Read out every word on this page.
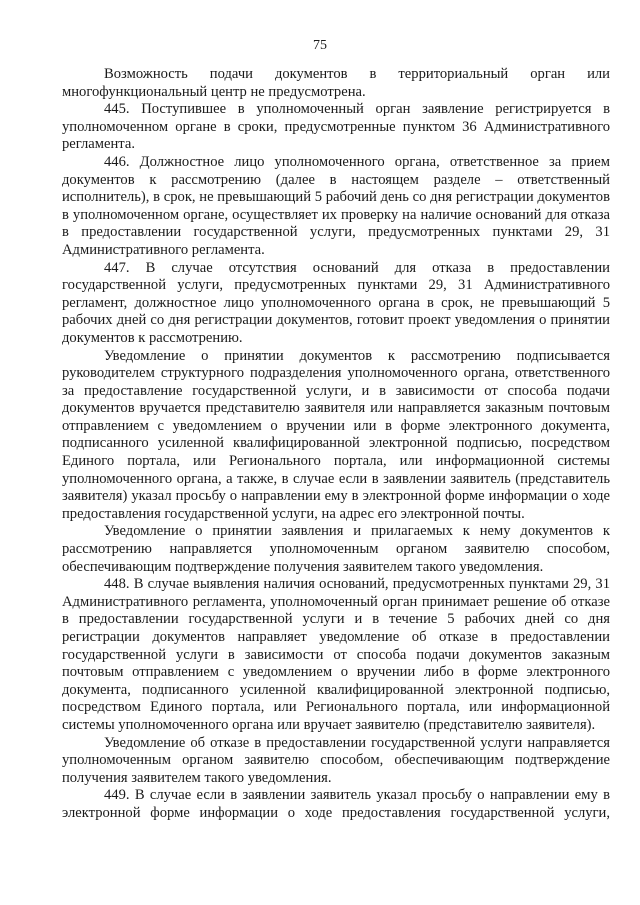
75

Возможность подачи документов в территориальный орган или многофункциональный центр не предусмотрена.

445. Поступившее в уполномоченный орган заявление регистрируется в уполномоченном органе в сроки, предусмотренные пунктом 36 Административного регламента.

446. Должностное лицо уполномоченного органа, ответственное за прием документов к рассмотрению (далее в настоящем разделе – ответственный исполнитель), в срок, не превышающий 5 рабочий день со дня регистрации документов в уполномоченном органе, осуществляет их проверку на наличие оснований для отказа в предоставлении государственной услуги, предусмотренных пунктами 29, 31 Административного регламента.

447. В случае отсутствия оснований для отказа в предоставлении государственной услуги, предусмотренных пунктами 29, 31 Административного регламент, должностное лицо уполномоченного органа в срок, не превышающий 5 рабочих дней со дня регистрации документов, готовит проект уведомления о принятии документов к рассмотрению.

Уведомление о принятии документов к рассмотрению подписывается руководителем структурного подразделения уполномоченного органа, ответственного за предоставление государственной услуги, и в зависимости от способа подачи документов вручается представителю заявителя или направляется заказным почтовым отправлением с уведомлением о вручении или в форме электронного документа, подписанного усиленной квалифицированной электронной подписью, посредством Единого портала, или Регионального портала, или информационной системы уполномоченного органа, а также, в случае если в заявлении заявитель (представитель заявителя) указал просьбу о направлении ему в электронной форме информации о ходе предоставления государственной услуги, на адрес его электронной почты.

Уведомление о принятии заявления и прилагаемых к нему документов к рассмотрению направляется уполномоченным органом заявителю способом, обеспечивающим подтверждение получения заявителем такого уведомления.

448. В случае выявления наличия оснований, предусмотренных пунктами 29, 31 Административного регламента, уполномоченный орган принимает решение об отказе в предоставлении государственной услуги и в течение 5 рабочих дней со дня регистрации документов направляет уведомление об отказе в предоставлении государственной услуги в зависимости от способа подачи документов заказным почтовым отправлением с уведомлением о вручении либо в форме электронного документа, подписанного усиленной квалифицированной электронной подписью, посредством Единого портала, или Регионального портала, или информационной системы уполномоченного органа или вручает заявителю (представителю заявителя).

Уведомление об отказе в предоставлении государственной услуги направляется уполномоченным органом заявителю способом, обеспечивающим подтверждение получения заявителем такого уведомления.

449. В случае если в заявлении заявитель указал просьбу о направлении ему в электронной форме информации о ходе предоставления государственной услуги,
